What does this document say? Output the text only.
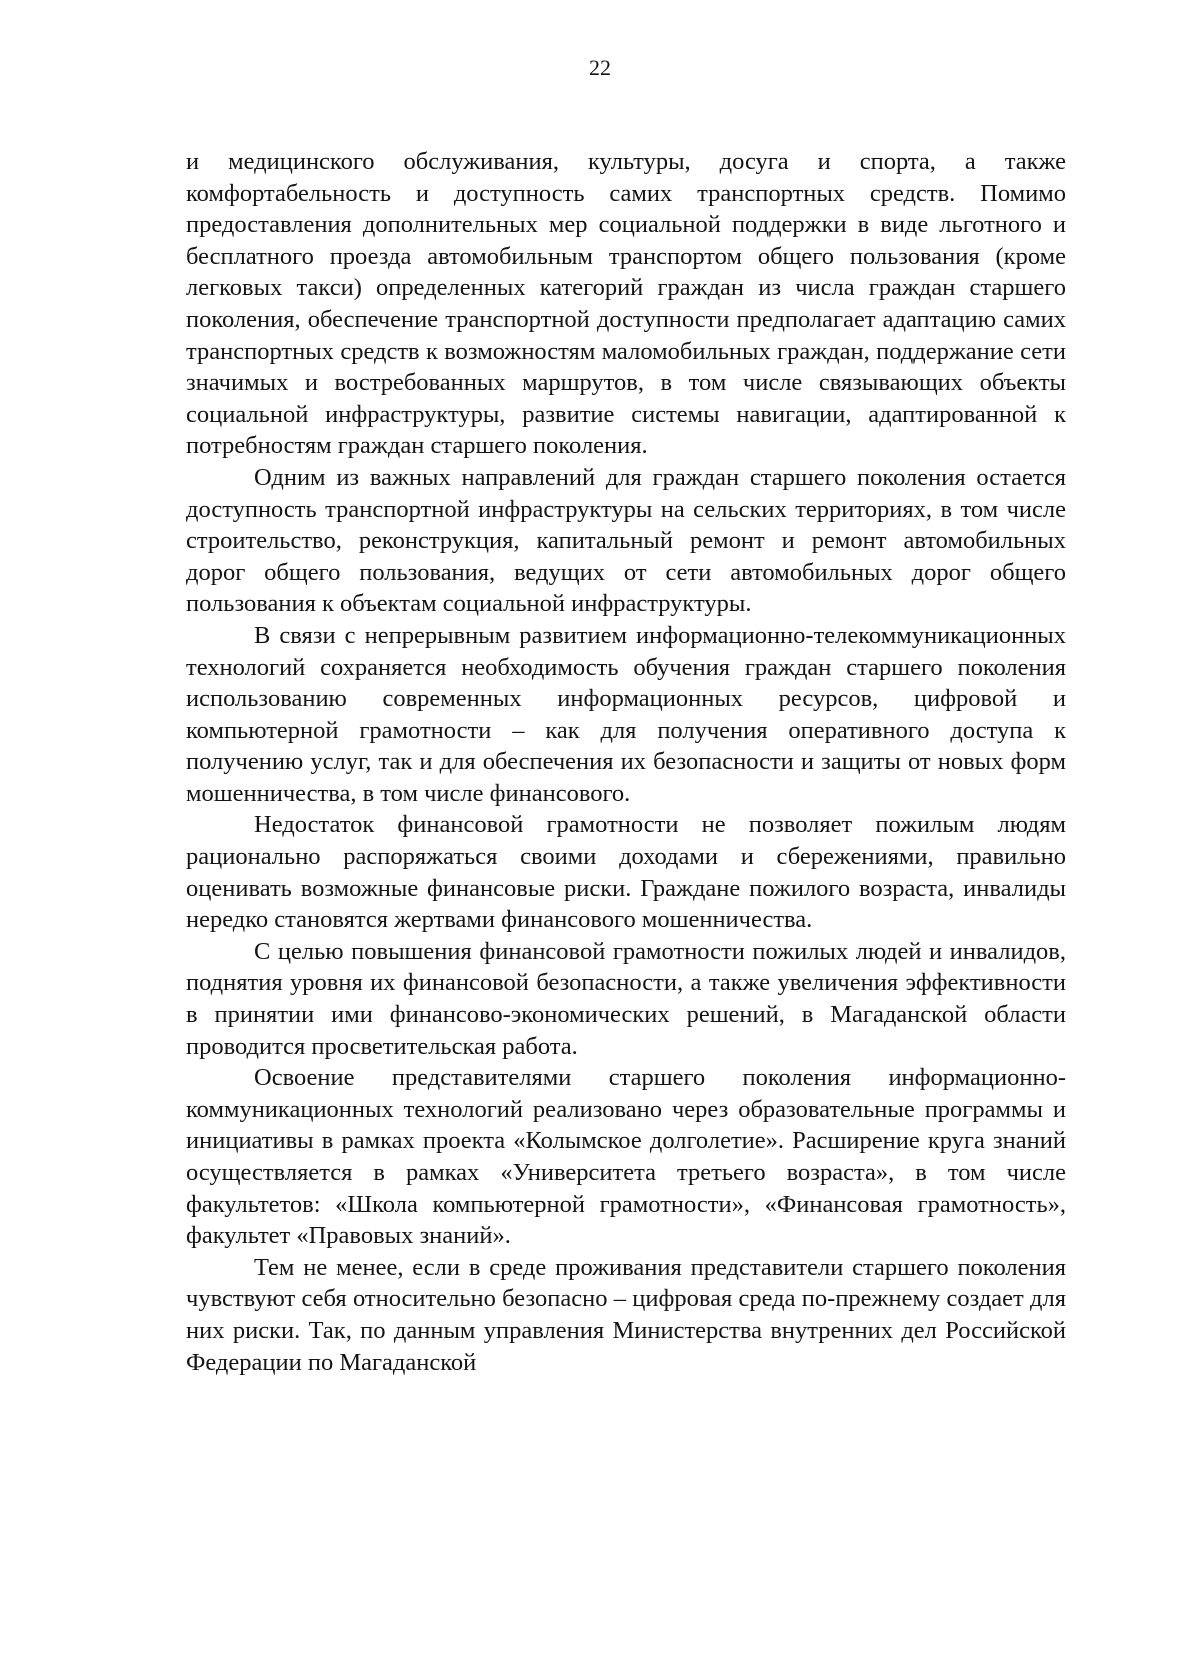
22

и медицинского обслуживания, культуры, досуга и спорта, а также комфортабельность и доступность самих транспортных средств. Помимо предоставления дополнительных мер социальной поддержки в виде льготного и бесплатного проезда автомобильным транспортом общего пользования (кроме легковых такси) определенных категорий граждан из числа граждан старшего поколения, обеспечение транспортной доступности предполагает адаптацию самих транспортных средств к возможностям маломобильных граждан, поддержание сети значимых и востребованных маршрутов, в том числе связывающих объекты социальной инфраструктуры, развитие системы навигации, адаптированной к потребностям граждан старшего поколения.

Одним из важных направлений для граждан старшего поколения остается доступность транспортной инфраструктуры на сельских территориях, в том числе строительство, реконструкция, капитальный ремонт и ремонт автомобильных дорог общего пользования, ведущих от сети автомобильных дорог общего пользования к объектам социальной инфраструктуры.

В связи с непрерывным развитием информационно-телекоммуникационных технологий сохраняется необходимость обучения граждан старшего поколения использованию современных информационных ресурсов, цифровой и компьютерной грамотности – как для получения оперативного доступа к получению услуг, так и для обеспечения их безопасности и защиты от новых форм мошенничества, в том числе финансового.

Недостаток финансовой грамотности не позволяет пожилым людям рационально распоряжаться своими доходами и сбережениями, правильно оценивать возможные финансовые риски. Граждане пожилого возраста, инвалиды нередко становятся жертвами финансового мошенничества.

С целью повышения финансовой грамотности пожилых людей и инвалидов, поднятия уровня их финансовой безопасности, а также увеличения эффективности в принятии ими финансово-экономических решений, в Магаданской области проводится просветительская работа.

Освоение представителями старшего поколения информационно-коммуникационных технологий реализовано через образовательные программы и инициативы в рамках проекта «Колымское долголетие». Расширение круга знаний осуществляется в рамках «Университета третьего возраста», в том числе факультетов: «Школа компьютерной грамотности», «Финансовая грамотность», факультет «Правовых знаний».

Тем не менее, если в среде проживания представители старшего поколения чувствуют себя относительно безопасно – цифровая среда по-прежнему создает для них риски. Так, по данным управления Министерства внутренних дел Российской Федерации по Магаданской
